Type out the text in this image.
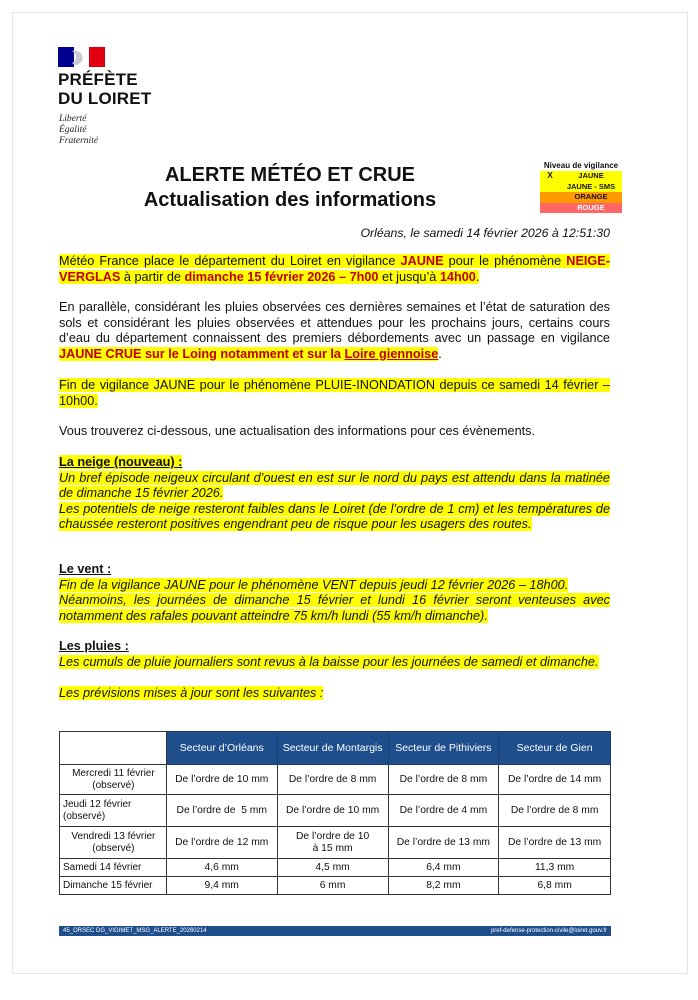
PRÉFÈTE
DU LOIRET
Liberté
Égalité
Fraternité
ALERTE MÉTÉO ET CRUE
Actualisation des informations
Niveau de vigilance
X	JAUNE
JAUNE - SMS
ORANGE
ROUGE
Orléans, le samedi 14 février 2026 à 12:51:30
Météo France place le département du Loiret en vigilance JAUNE pour le phénomène NEIGE-VERGLAS à partir de dimanche 15 février 2026 – 7h00 et jusqu’à 14h00.
En parallèle, considérant les pluies observées ces dernières semaines et l’état de saturation des sols et considérant les pluies observées et attendues pour les prochains jours, certains cours d’eau du département connaissent des premiers débordements avec un passage en vigilance JAUNE CRUE sur le Loing notamment et sur la Loire giennoise.
Fin de vigilance JAUNE pour le phénomène PLUIE-INONDATION depuis ce samedi 14 février – 10h00.
Vous trouverez ci-dessous, une actualisation des informations pour ces évènements.
La neige (nouveau) :
Un bref épisode neigeux circulant d’ouest en est sur le nord du pays est attendu dans la matinée de dimanche 15 février 2026.
Les potentiels de neige resteront faibles dans le Loiret (de l’ordre de 1 cm) et les températures de chaussée resteront positives engendrant peu de risque pour les usagers des routes.
Le vent :
Fin de la vigilance JAUNE pour le phénomène VENT depuis jeudi 12 février 2026 – 18h00.
Néanmoins, les journées de dimanche 15 février et lundi 16 février seront venteuses avec notamment des rafales pouvant atteindre 75 km/h lundi (55 km/h dimanche).
Les pluies :
Les cumuls de pluie journaliers sont revus à la baisse pour les journées de samedi et dimanche.
Les prévisions mises à jour sont les suivantes :
	Secteur d’Orléans	Secteur de Montargis	Secteur de Pithiviers	Secteur de Gien
Mercredi 11 février (observé)	De l’ordre de 10 mm	De l’ordre de 8 mm	De l’ordre de 8 mm	De l’ordre de 14 mm
Jeudi 12 février (observé)	De l’ordre de  5 mm	De l’ordre de 10 mm	De l’ordre de 4 mm	De l’ordre de 8 mm
Vendredi 13 février (observé)	De l’ordre de 12 mm	De l’ordre de 10 à 15 mm	De l’ordre de 13 mm	De l’ordre de 13 mm
Samedi 14 février	4,6 mm	4,5 mm	6,4 mm	11,3 mm
Dimanche 15 février	9,4 mm	6 mm	8,2 mm	6,8 mm
45_ORSEC DG_VIGIMET_MSG_ALERTE_20260214	pref-defense-protection-civile@loiret.gouv.fr
